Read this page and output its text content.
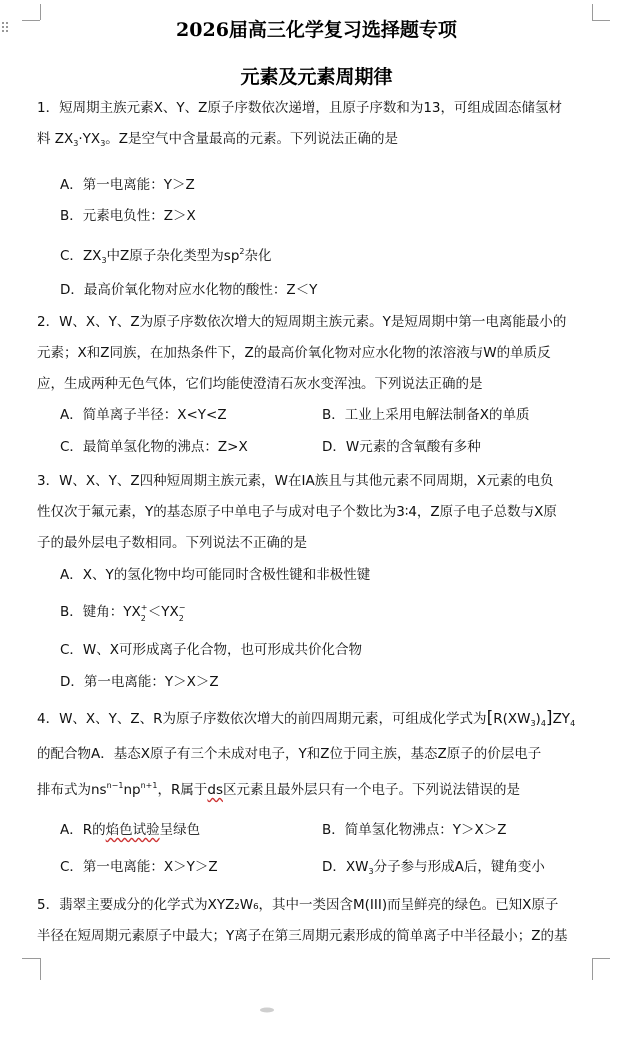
2026届高三化学复习选择题专项
元素及元素周期律
1．短周期主族元素X、Y、Z原子序数依次递增，且原子序数和为13，可组成固态储氢材
料 $ZX_3\cdot YX_3$。Z是空气中含量最高的元素。下列说法正确的是
A．第一电离能：Y＞Z
B．元素电负性：Z＞X
C．$ZX_3$中Z原子杂化类型为$sp^2$杂化
D．最高价氧化物对应水化物的酸性：Z＜Y
2．W、X、Y、Z为原子序数依次增大的短周期主族元素。Y是短周期中第一电离能最小的
元素；X和Z同族，在加热条件下，Z的最高价氧化物对应水化物的浓溶液与W的单质反
应，生成两种无色气体，它们均能使澄清石灰水变浑浊。下列说法正确的是
A．简单离子半径：X<Y<Z	B．工业上采用电解法制备X的单质
C．最简单氢化物的沸点：Z>X	D．W元素的含氧酸有多种
3．W、X、Y、Z四种短周期主族元素，W在IA族且与其他元素不同周期，X元素的电负
性仅次于氟元素，Y的基态原子中单电子与成对电子个数比为3∶4，Z原子电子总数与X原
子的最外层电子数相同。下列说法不正确的是
A．X、Y的氢化物中均可能同时含极性键和非极性键
B．键角：YX +
2 ＜YX −
2
C．W、X可形成离子化合物，也可形成共价化合物
D．第一电离能：Y＞X＞Z
4．W、X、Y、Z、R为原子序数依次增大的前四周期元素，可组成化学式为$[R(XW_3)_4]ZY_4$
的配合物A．基态X原子有三个未成对电子，Y和Z位于同主族，基态Z原子的价层电子
排布式为$ns^{n-1}np^{n+1}$，R属于ds区元素且最外层只有一个电子。下列说法错误的是
A．R的焰色试验呈绿色	B．简单氢化物沸点：Y＞X＞Z
C．第一电离能：X＞Y＞Z	D．$XW_3$分子参与形成A后，键角变小
5．翡翠主要成分的化学式为XYZ₂W₆，其中一类因含M(III)而呈鲜亮的绿色。已知X原子
半径在短周期元素原子中最大；Y离子在第三周期元素形成的简单离子中半径最小；Z的基
